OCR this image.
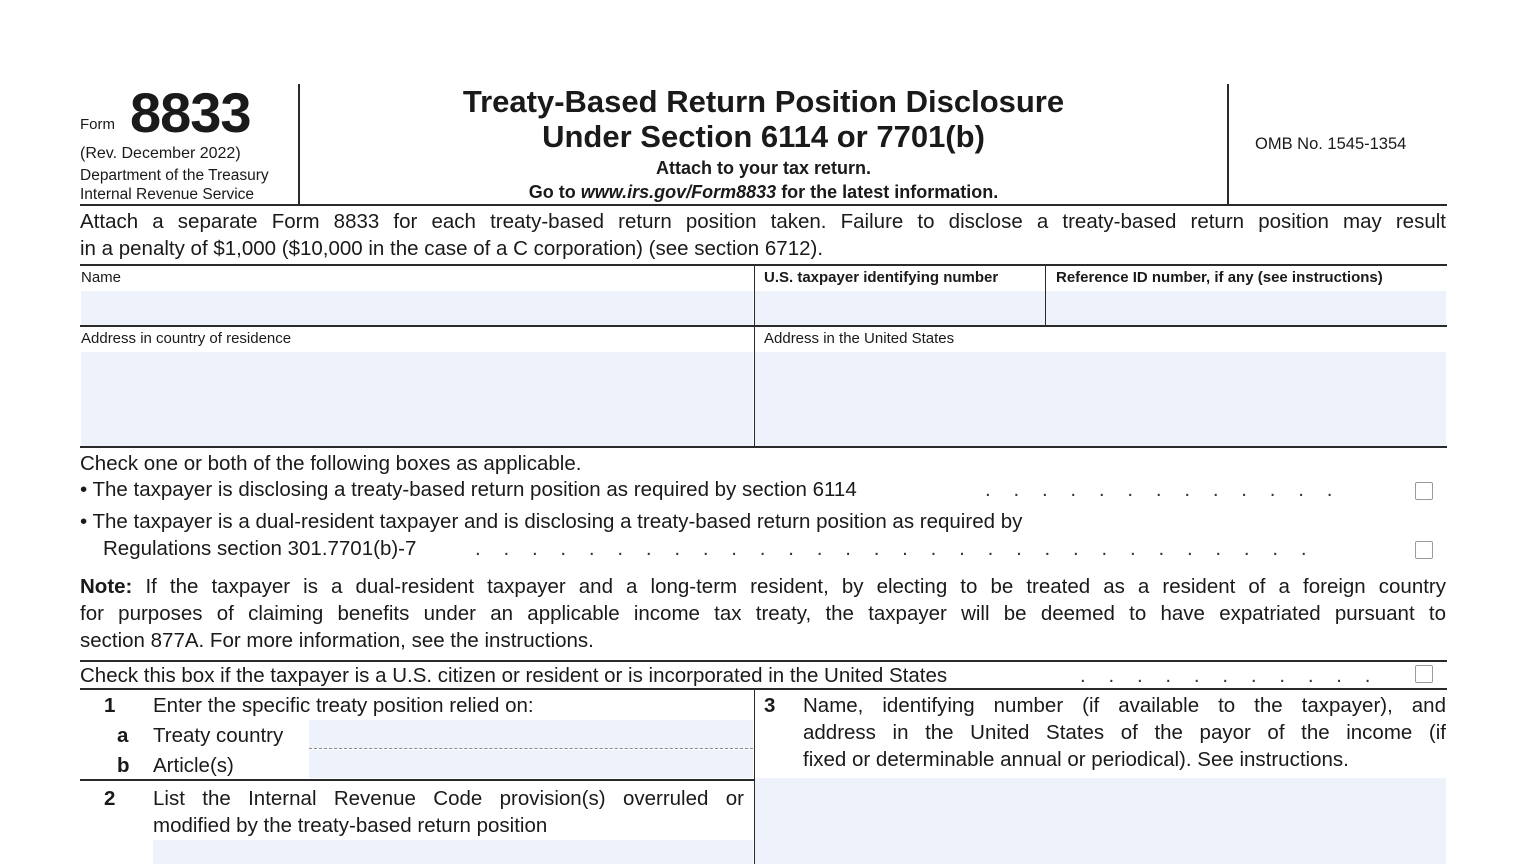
Form 8833
(Rev. December 2022)
Department of the Treasury
Internal Revenue Service
Treaty-Based Return Position Disclosure
Under Section 6114 or 7701(b)
Attach to your tax return.
Go to www.irs.gov/Form8833 for the latest information.
OMB No. 1545-1354
Attach a separate Form 8833 for each treaty-based return position taken. Failure to disclose a treaty-based return position may result
in a penalty of $1,000 ($10,000 in the case of a C corporation) (see section 6712).
Name	U.S. taxpayer identifying number	Reference ID number, if any (see instructions)
Address in country of residence	Address in the United States
Check one or both of the following boxes as applicable.
• The taxpayer is disclosing a treaty-based return position as required by section 6114	.    .    .    .    .    .    .    .    .    .    .    .    .
• The taxpayer is a dual-resident taxpayer and is disclosing a treaty-based return position as required by
Regulations section 301.7701(b)-7	.    .    .    .    .    .    .    .    .    .    .    .    .    .    .    .    .    .    .    .    .    .    .    .    .    .    .    .    .    .
Note: If the taxpayer is a dual-resident taxpayer and a long-term resident, by electing to be treated as a resident of a foreign country
for purposes of claiming benefits under an applicable income tax treaty, the taxpayer will be deemed to have expatriated pursuant to
section 877A. For more information, see the instructions.
Check this box if the taxpayer is a U.S. citizen or resident or is incorporated in the United States	.    .    .    .    .    .    .    .    .    .    .
1 Enter the specific treaty position relied on:
a Treaty country
b Article(s)
2 List the Internal Revenue Code provision(s) overruled or
modified by the treaty-based return position
3 Name, identifying number (if available to the taxpayer), and
address in the United States of the payor of the income (if
fixed or determinable annual or periodical). See instructions.
